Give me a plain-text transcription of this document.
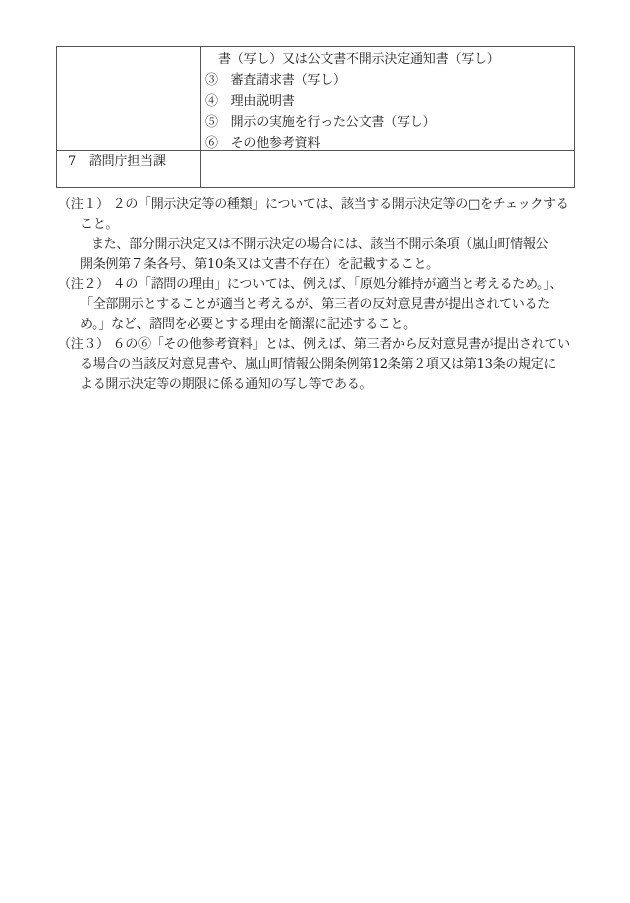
書（写し）又は公文書不開示決定通知書（写し）
③　審査請求書（写し）
④　理由説明書
⑤　開示の実施を行った公文書（写し）
⑥　その他参考資料
7　諮問庁担当課
（注１） ２の「開示決定等の種類」については、該当する開示決定等の□をチェックする
こと。
また、部分開示決定又は不開示決定の場合には、該当不開示条項（嵐山町情報公
開条例第７条各号、第10条又は文書不存在）を記載すること。
（注２） ４の「諮問の理由」については、例えば、「原処分維持が適当と考えるため。」、
「全部開示とすることが適当と考えるが、第三者の反対意見書が提出されているた
め。」など、諮問を必要とする理由を簡潔に記述すること。
（注３） ６の⑥「その他参考資料」とは、例えば、第三者から反対意見書が提出されてい
る場合の当該反対意見書や、嵐山町情報公開条例第12条第２項又は第13条の規定に
よる開示決定等の期限に係る通知の写し等である。
